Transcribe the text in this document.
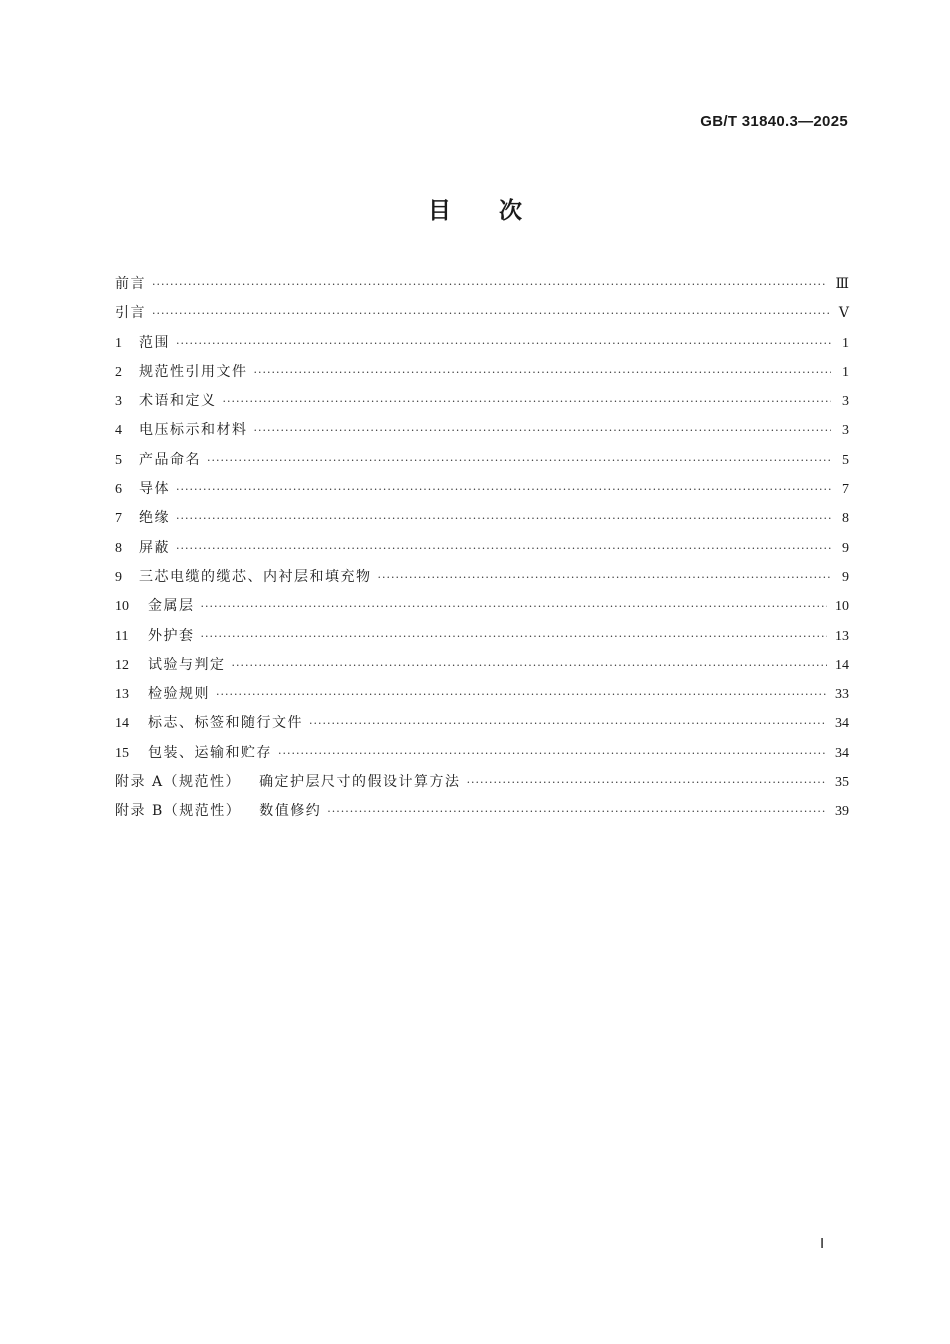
GB/T 31840.3—2025
目次
前言 ·····	Ⅲ
引言 ·····	Ⅴ
1	范围 ·····	1
2	规范性引用文件 ·····	1
3	术语和定义 ·····	3
4	电压标示和材料 ·····	3
5	产品命名 ·····	5
6	导体 ·····	7
7	绝缘 ·····	8
8	屏蔽 ·····	9
9	三芯电缆的缆芯、内衬层和填充物 ·····	9
10	金属层 ·····	10
11	外护套 ·····	13
12	试验与判定 ·····	14
13	检验规则 ·····	33
14	标志、标签和随行文件 ·····	34
15	包装、运输和贮存 ·····	34
附录 A（规范性）	确定护层尺寸的假设计算方法 ·····	35
附录 B（规范性）	数值修约 ·····	39
Ⅰ
